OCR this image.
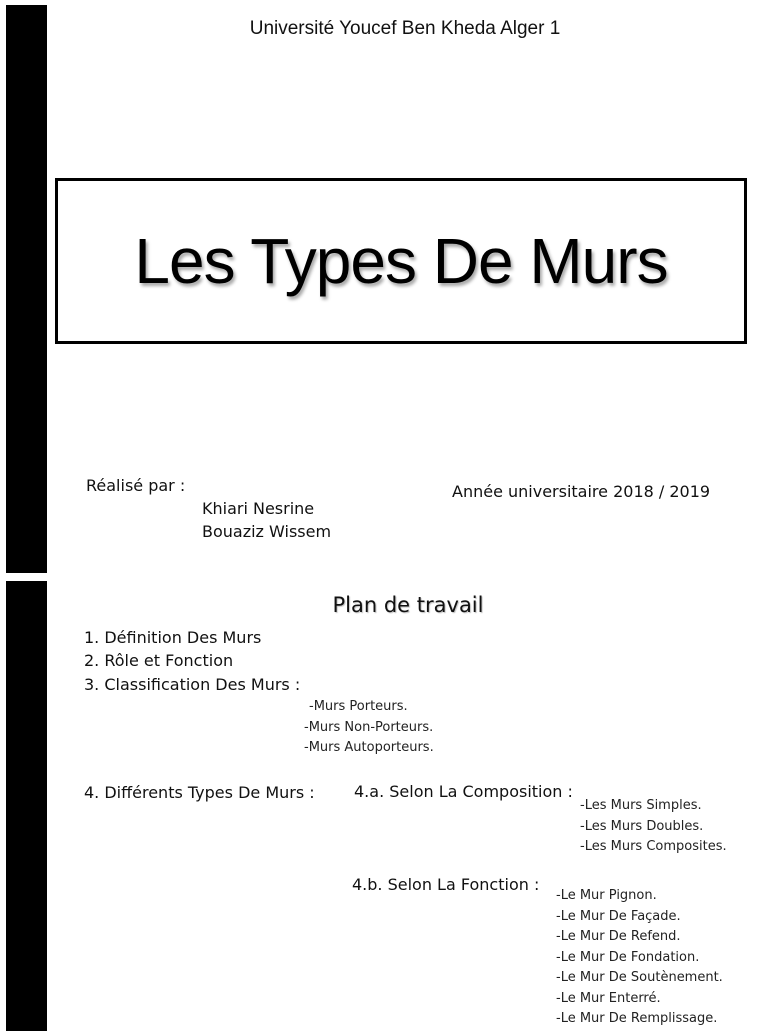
Université Youcef Ben Kheda Alger 1
Les Types De Murs
Réalisé par :
Khiari Nesrine
Bouaziz Wissem
Année universitaire 2018 / 2019
Plan de travail
1. Définition Des Murs
2. Rôle et Fonction
3. Classification Des Murs :
-Murs Porteurs.
-Murs Non-Porteurs.
-Murs Autoporteurs.
4. Différents Types De Murs : 4.a. Selon La Composition :
-Les Murs Simples.
-Les Murs Doubles.
-Les Murs Composites.
4.b. Selon La Fonction :
-Le Mur Pignon.
-Le Mur De Façade.
-Le Mur De Refend.
-Le Mur De Fondation.
-Le Mur De Soutènement.
-Le Mur Enterré.
-Le Mur De Remplissage.
